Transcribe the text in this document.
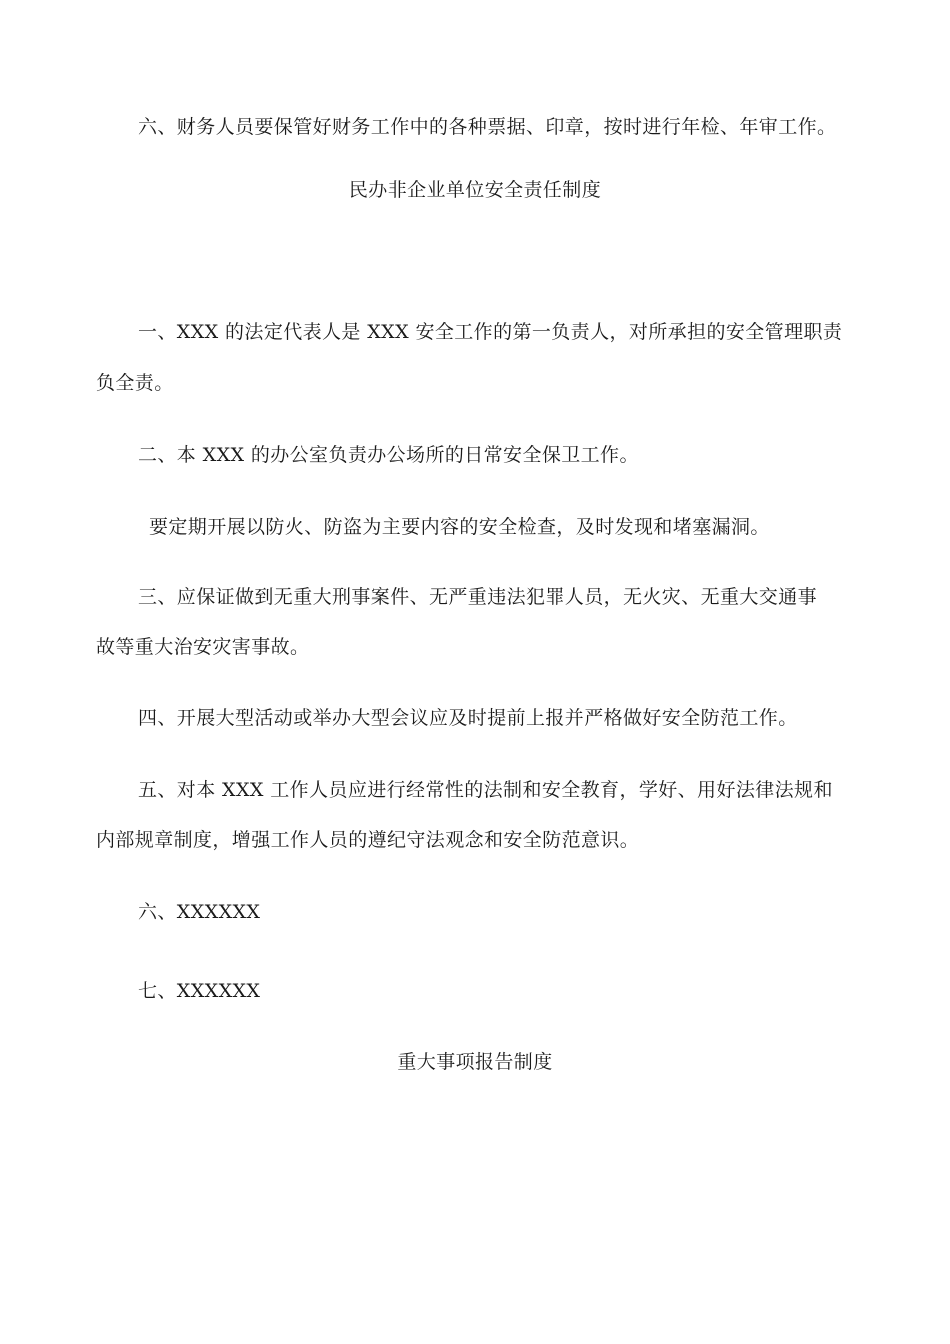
六、财务人员要保管好财务工作中的各种票据、印章，按时进行年检、年审工作。
民办非企业单位安全责任制度
一、XXX 的法定代表人是 XXX 安全工作的第一负责人，对所承担的安全管理职责
负全责。
二、本 XXX 的办公室负责办公场所的日常安全保卫工作。
要定期开展以防火、防盗为主要内容的安全检查，及时发现和堵塞漏洞。
三、应保证做到无重大刑事案件、无严重违法犯罪人员，无火灾、无重大交通事
故等重大治安灾害事故。
四、开展大型活动或举办大型会议应及时提前上报并严格做好安全防范工作。
五、对本 XXX 工作人员应进行经常性的法制和安全教育，学好、用好法律法规和
内部规章制度，增强工作人员的遵纪守法观念和安全防范意识。
六、XXXXXX
七、XXXXXX
重大事项报告制度
